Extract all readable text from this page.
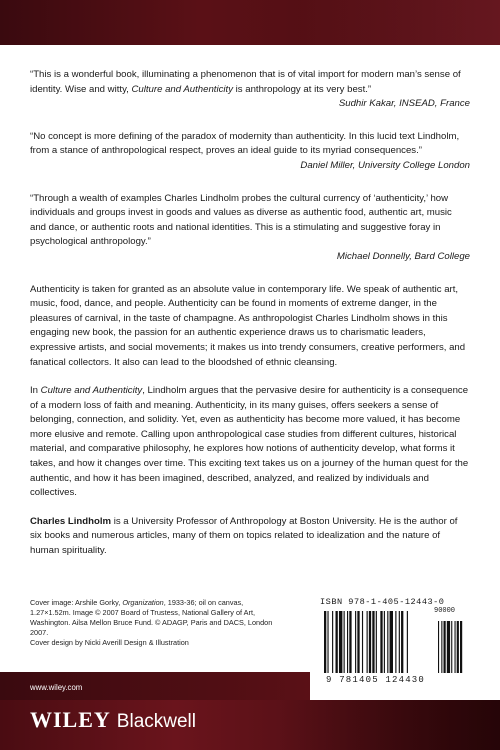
“This is a wonderful book, illuminating a phenomenon that is of vital import for modern man’s sense of identity. Wise and witty, Culture and Authenticity is anthropology at its very best.”

Sudhir Kakar, INSEAD, France

“No concept is more defining of the paradox of modernity than authenticity. In this lucid text Lindholm, from a stance of anthropological respect, proves an ideal guide to its myriad consequences.”

Daniel Miller, University College London

“Through a wealth of examples Charles Lindholm probes the cultural currency of ‘authenticity,’ how individuals and groups invest in goods and values as diverse as authentic food, authentic art, music and dance, or authentic roots and national identities. This is a stimulating and suggestive foray in psychological anthropology.”

Michael Donnelly, Bard College

Authenticity is taken for granted as an absolute value in contemporary life. We speak of authentic art, music, food, dance, and people. Authenticity can be found in moments of extreme danger, in the pleasures of carnival, in the taste of champagne. As anthropologist Charles Lindholm shows in this engaging new book, the passion for an authentic experience draws us to charismatic leaders, expressive artists, and social movements; it makes us into trendy consumers, creative performers, and fanatical collectors. It also can lead to the bloodshed of ethnic cleansing.

In Culture and Authenticity, Lindholm argues that the pervasive desire for authenticity is a consequence of a modern loss of faith and meaning. Authenticity, in its many guises, offers seekers a sense of belonging, connection, and solidity. Yet, even as authenticity has become more valued, it has become more elusive and remote. Calling upon anthropological case studies from different cultures, historical material, and comparative philosophy, he explores how notions of authenticity develop, what forms it takes, and how it changes over time. This exciting text takes us on a journey of the human quest for the authentic, and how it has been imagined, described, analyzed, and realized by individuals and collectives.

Charles Lindholm is a University Professor of Anthropology at Boston University. He is the author of six books and numerous articles, many of them on topics related to idealization and the nature of human spirituality.

Cover image: Arshile Gorky, Organization, 1933-36; oil on canvas, 1.27×1.52m. Image © 2007 Board of Trustess, National Gallery of Art, Washington. Ailsa Mellon Bruce Fund. © ADAGP, Paris and DACS, London 2007.

Cover design by Nicki Averill Design & Illustration

ISBN 978-1-405-12443-0
90000
9 781405 124430
www.wiley.com
WILEY Blackwell
